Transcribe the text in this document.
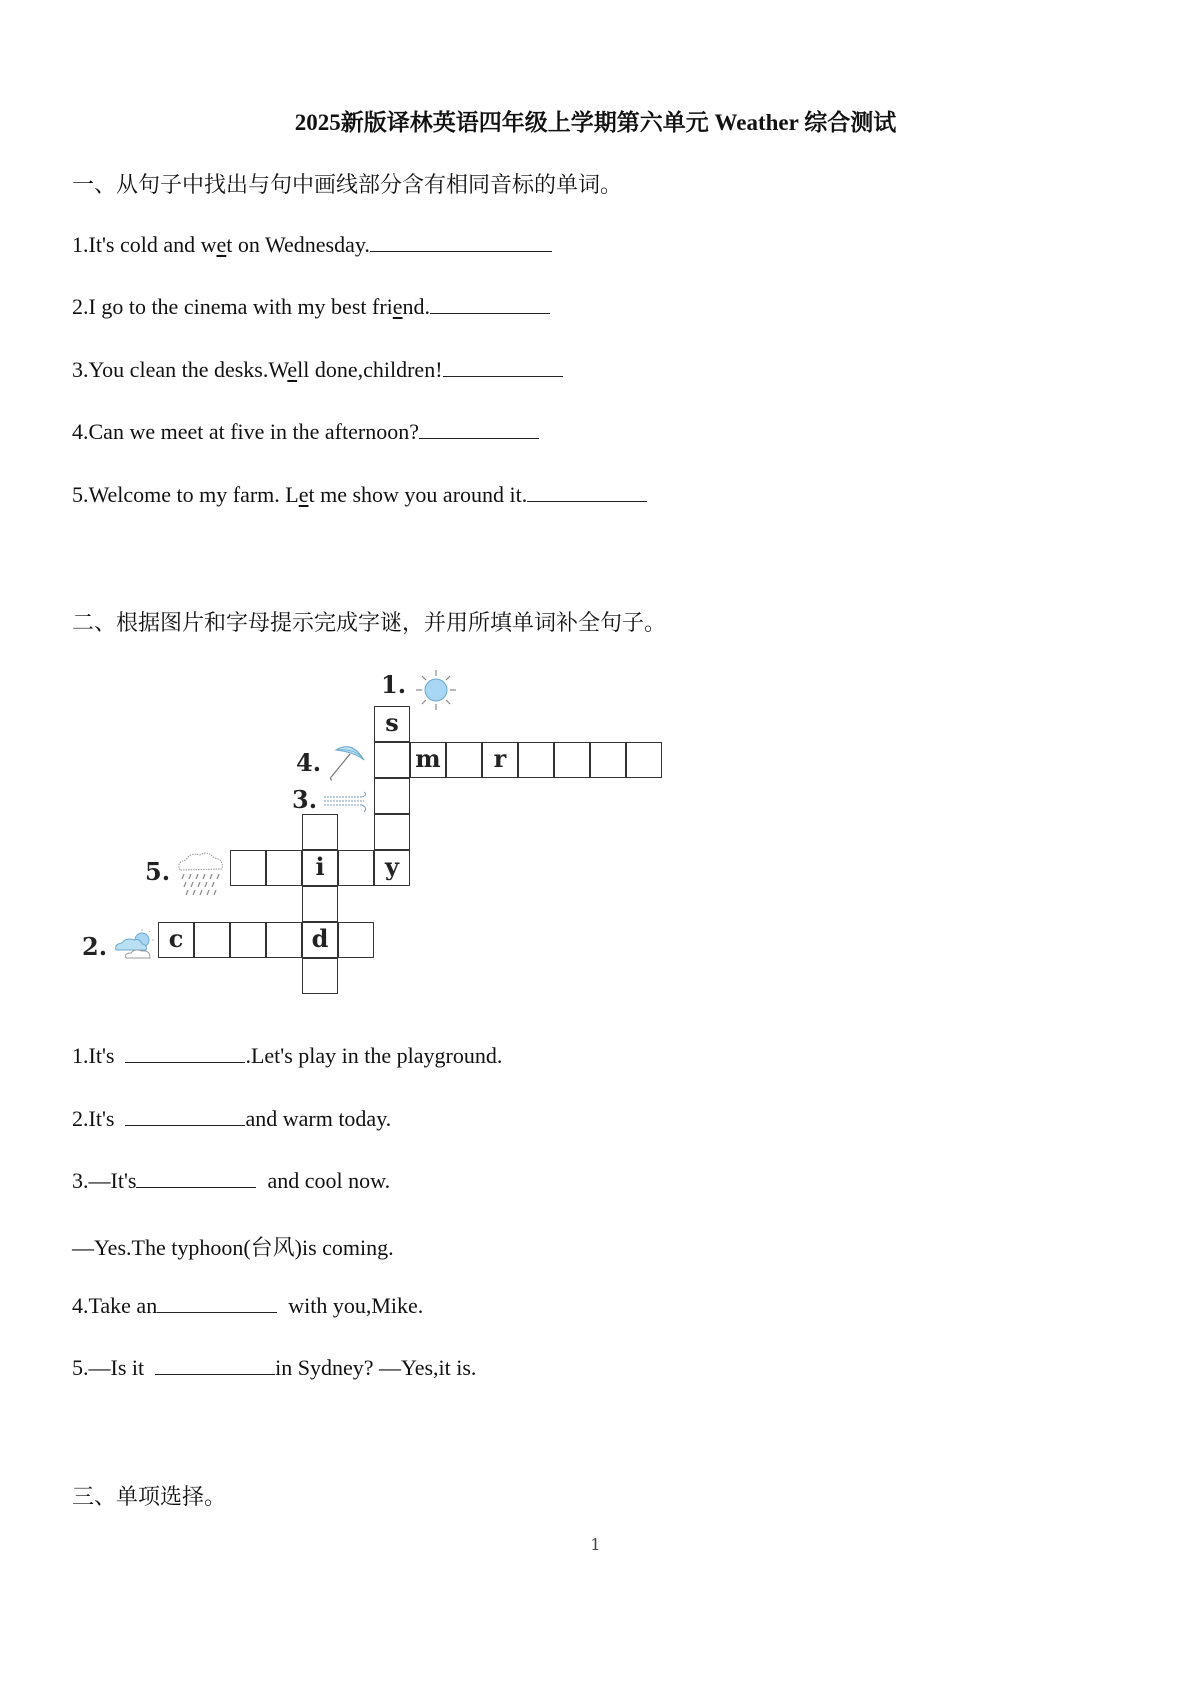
2025新版译林英语四年级上学期第六单元 Weather 综合测试
一、从句子中找出与句中画线部分含有相同音标的单词。
1.It's cold and wet on Wednesday.
2.I go to the cinema with my best friend.
3.You clean the desks.Well done,children!
4.Can we meet at five in the afternoon?
5.Welcome to my farm. Let me show you around it.
二、根据图片和字母提示完成字谜，并用所填单词补全句子。
1.
4.
3.
5.
2.
s
y
m	r
i
d
c
1.It's	.Let's play in the playground.
2.It's	and warm today.
3.—It's	and cool now.
—Yes.The typhoon(台风)is coming.
4.Take an	with you,Mike.
5.—Is it	in Sydney? —Yes,it is.
三、单项选择。
1
